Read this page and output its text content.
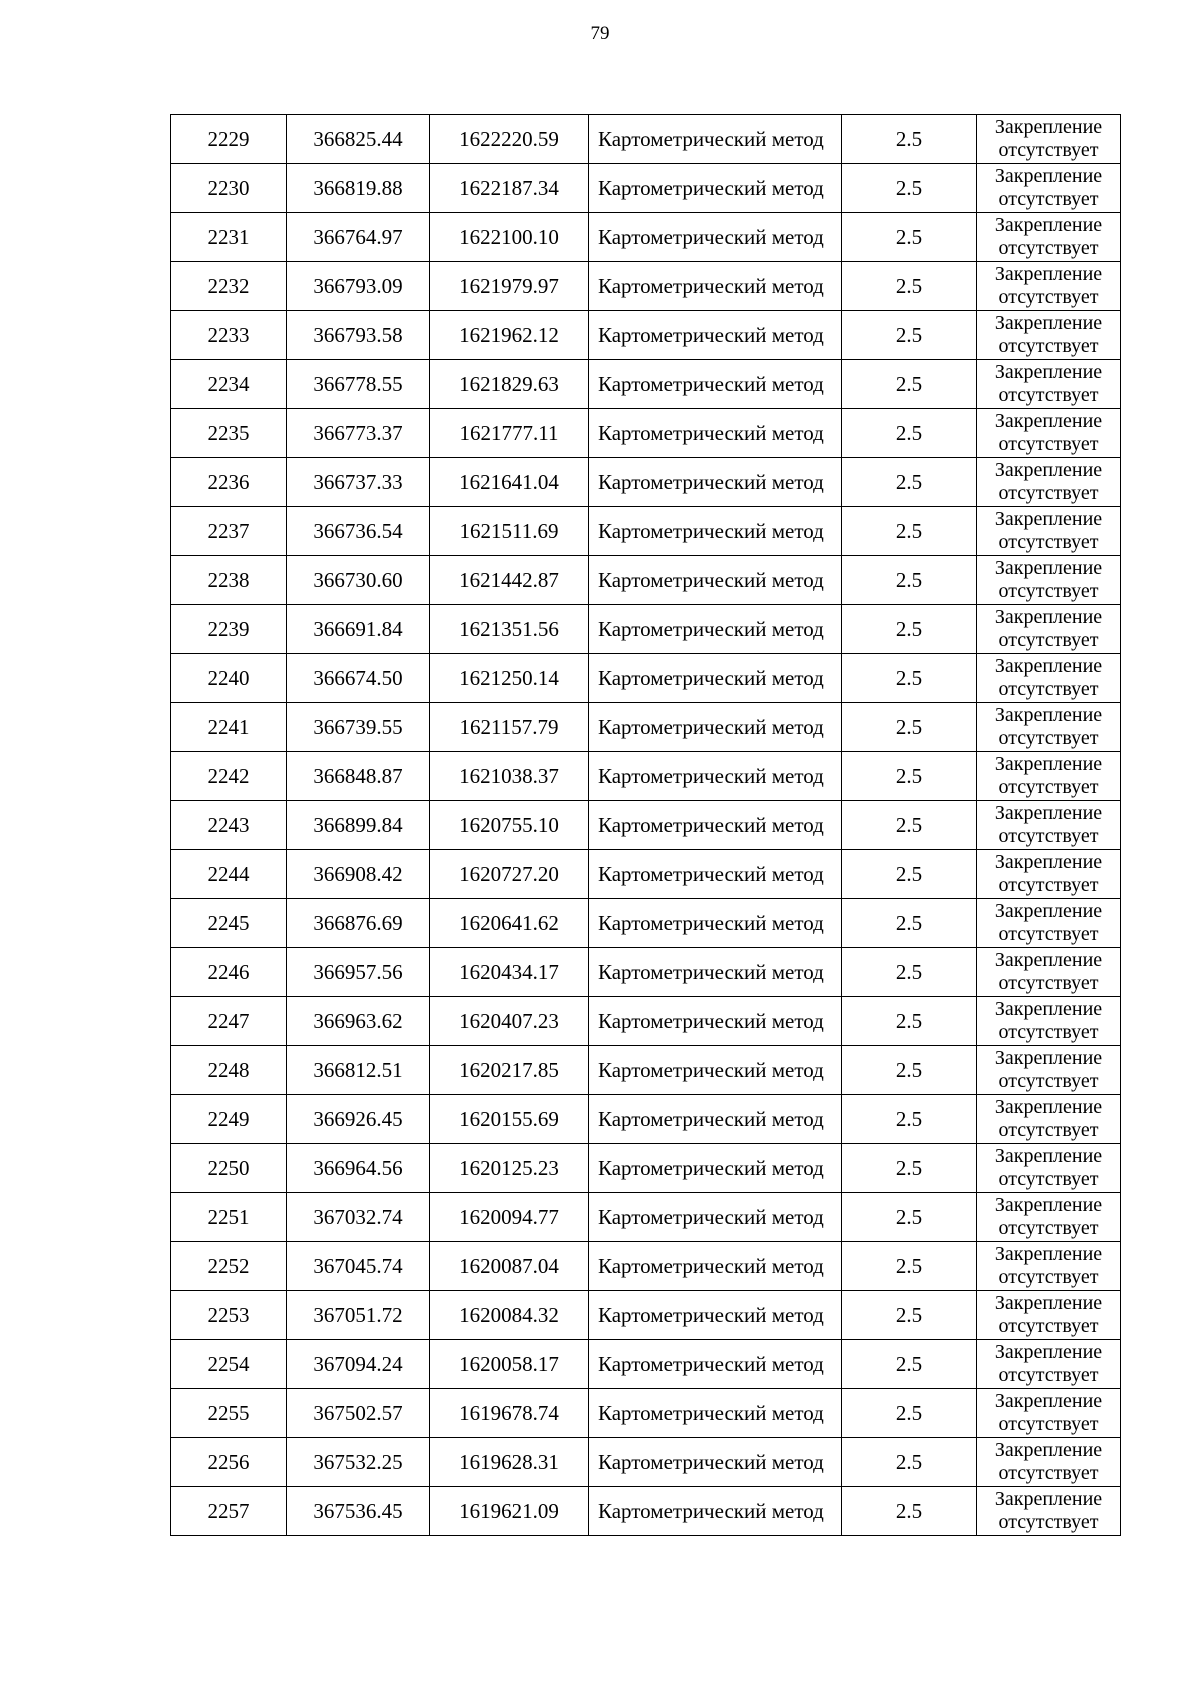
79
2229	366825.44	1622220.59	Картометрический метод	2.5	Закрепление
отсутствует

2230	366819.88	1622187.34	Картометрический метод	2.5	Закрепление
отсутствует

2231	366764.97	1622100.10	Картометрический метод	2.5	Закрепление
отсутствует

2232	366793.09	1621979.97	Картометрический метод	2.5	Закрепление
отсутствует

2233	366793.58	1621962.12	Картометрический метод	2.5	Закрепление
отсутствует

2234	366778.55	1621829.63	Картометрический метод	2.5	Закрепление
отсутствует

2235	366773.37	1621777.11	Картометрический метод	2.5	Закрепление
отсутствует

2236	366737.33	1621641.04	Картометрический метод	2.5	Закрепление
отсутствует

2237	366736.54	1621511.69	Картометрический метод	2.5	Закрепление
отсутствует

2238	366730.60	1621442.87	Картометрический метод	2.5	Закрепление
отсутствует

2239	366691.84	1621351.56	Картометрический метод	2.5	Закрепление
отсутствует

2240	366674.50	1621250.14	Картометрический метод	2.5	Закрепление
отсутствует

2241	366739.55	1621157.79	Картометрический метод	2.5	Закрепление
отсутствует

2242	366848.87	1621038.37	Картометрический метод	2.5	Закрепление
отсутствует

2243	366899.84	1620755.10	Картометрический метод	2.5	Закрепление
отсутствует

2244	366908.42	1620727.20	Картометрический метод	2.5	Закрепление
отсутствует

2245	366876.69	1620641.62	Картометрический метод	2.5	Закрепление
отсутствует

2246	366957.56	1620434.17	Картометрический метод	2.5	Закрепление
отсутствует

2247	366963.62	1620407.23	Картометрический метод	2.5	Закрепление
отсутствует

2248	366812.51	1620217.85	Картометрический метод	2.5	Закрепление
отсутствует

2249	366926.45	1620155.69	Картометрический метод	2.5	Закрепление
отсутствует

2250	366964.56	1620125.23	Картометрический метод	2.5	Закрепление
отсутствует

2251	367032.74	1620094.77	Картометрический метод	2.5	Закрепление
отсутствует

2252	367045.74	1620087.04	Картометрический метод	2.5	Закрепление
отсутствует

2253	367051.72	1620084.32	Картометрический метод	2.5	Закрепление
отсутствует

2254	367094.24	1620058.17	Картометрический метод	2.5	Закрепление
отсутствует

2255	367502.57	1619678.74	Картометрический метод	2.5	Закрепление
отсутствует

2256	367532.25	1619628.31	Картометрический метод	2.5	Закрепление
отсутствует

2257	367536.45	1619621.09	Картометрический метод	2.5	Закрепление
отсутствует
